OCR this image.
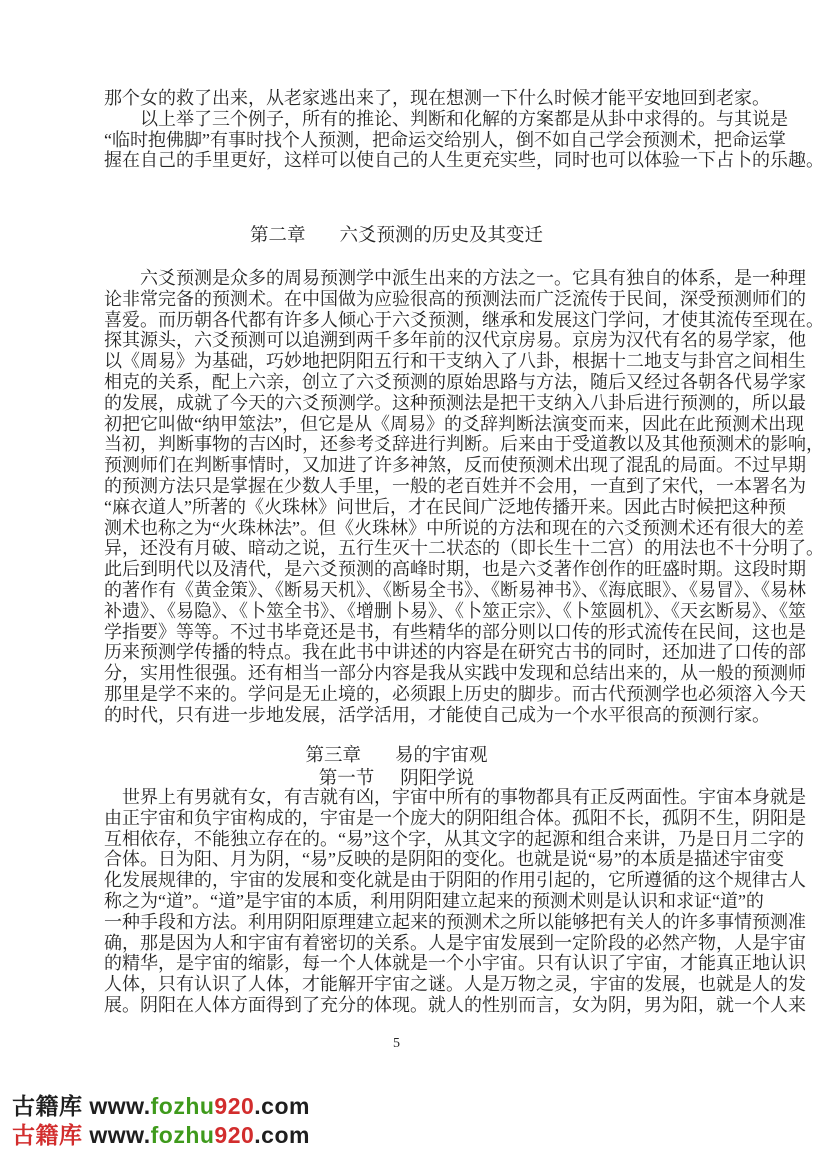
那个女的救了出来，从老家逃出来了，现在想测一下什么时候才能平安地回到老家。
　　以上举了三个例子，所有的推论、判断和化解的方案都是从卦中求得的。与其说是
“临时抱佛脚”有事时找个人预测，把命运交给别人，倒不如自己学会预测术，把命运掌
握在自己的手里更好，这样可以使自己的人生更充实些，同时也可以体验一下占卜的乐趣。
第二章 六爻预测的历史及其变迁
　　六爻预测是众多的周易预测学中派生出来的方法之一。它具有独自的体系，是一种理
论非常完备的预测术。在中国做为应验很高的预测法而广泛流传于民间，深受预测师们的
喜爱。而历朝各代都有许多人倾心于六爻预测，继承和发展这门学问，才使其流传至现在。
探其源头，六爻预测可以追溯到两千多年前的汉代京房易。京房为汉代有名的易学家，他
以《周易》为基础，巧妙地把阴阳五行和干支纳入了八卦，根据十二地支与卦宫之间相生
相克的关系，配上六亲，创立了六爻预测的原始思路与方法，随后又经过各朝各代易学家
的发展，成就了今天的六爻预测学。这种预测法是把干支纳入八卦后进行预测的，所以最
初把它叫做“纳甲筮法”，但它是从《周易》的爻辞判断法演变而来，因此在此预测术出现
当初，判断事物的吉凶时，还参考爻辞进行判断。后来由于受道教以及其他预测术的影响，
预测师们在判断事情时，又加进了许多神煞，反而使预测术出现了混乱的局面。不过早期
的预测方法只是掌握在少数人手里，一般的老百姓并不会用，一直到了宋代，一本署名为
“麻衣道人”所著的《火珠林》问世后，才在民间广泛地传播开来。因此古时候把这种预
测术也称之为“火珠林法”。但《火珠林》中所说的方法和现在的六爻预测术还有很大的差
异，还没有月破、暗动之说，五行生灭十二状态的（即长生十二宫）的用法也不十分明了。
此后到明代以及清代，是六爻预测的高峰时期，也是六爻著作创作的旺盛时期。这段时期
的著作有《黄金策》、《断易天机》、《断易全书》、《断易神书》、《海底眼》、《易冒》、《易林
补遗》、《易隐》、《卜筮全书》、《增删卜易》、《卜筮正宗》、《卜筮圆机》、《天玄断易》、《筮
学指要》等等。不过书毕竟还是书，有些精华的部分则以口传的形式流传在民间，这也是
历来预测学传播的特点。我在此书中讲述的内容是在研究古书的同时，还加进了口传的部
分，实用性很强。还有相当一部分内容是我从实践中发现和总结出来的，从一般的预测师
那里是学不来的。学问是无止境的，必须跟上历史的脚步。而古代预测学也必须溶入今天
的时代，只有进一步地发展，活学活用，才能使自己成为一个水平很高的预测行家。
第三章 易的宇宙观
第一节 阴阳学说
　世界上有男就有女，有吉就有凶，宇宙中所有的事物都具有正反两面性。宇宙本身就是
由正宇宙和负宇宙构成的，宇宙是一个庞大的阴阳组合体。孤阳不长，孤阴不生，阴阳是
互相依存，不能独立存在的。“易”这个字，从其文字的起源和组合来讲，乃是日月二字的
合体。日为阳、月为阴，“易”反映的是阴阳的变化。也就是说“易”的本质是描述宇宙变
化发展规律的，宇宙的发展和变化就是由于阴阳的作用引起的，它所遵循的这个规律古人
称之为“道”。“道”是宇宙的本质，利用阴阳建立起来的预测术则是认识和求证“道”的
一种手段和方法。利用阴阳原理建立起来的预测术之所以能够把有关人的许多事情预测准
确，那是因为人和宇宙有着密切的关系。人是宇宙发展到一定阶段的必然产物，人是宇宙
的精华，是宇宙的缩影，每一个人体就是一个小宇宙。只有认识了宇宙，才能真正地认识
人体，只有认识了人体，才能解开宇宙之谜。人是万物之灵，宇宙的发展，也就是人的发
展。阴阳在人体方面得到了充分的体现。就人的性别而言，女为阴，男为阳，就一个人来
5
古籍库 www.fozhu920.com
古籍库 www.fozhu920.com
